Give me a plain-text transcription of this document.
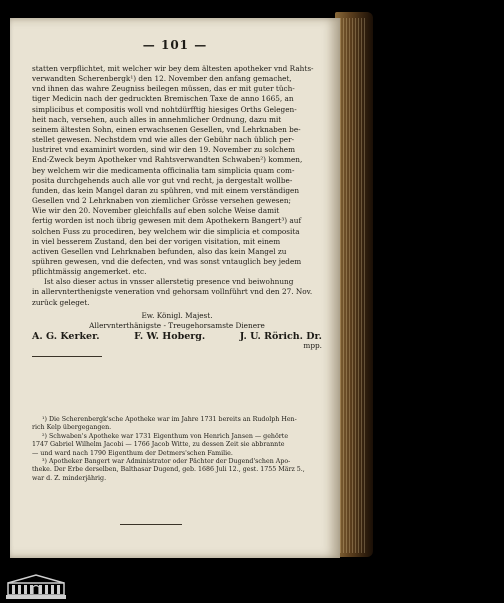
— 101 —
statten verpflichtet, mit welcher wir bey dem ältesten apotheker vnd Rahts-
verwandten Scherenbergk¹) den 12. November den anfang gemachet,
vnd ihnen das wahre Zeugniss beilegen müssen, das er mit guter tüch-
tiger Medicin nach der gedruckten Bremischen Taxe de anno 1665, an
simplicibus et compositis woll vnd nohtdürfftig hiesiges Orths Gelegen-
heit nach, versehen, auch alles in annehmlicher Ordnung, dazu mit
seinem ältesten Sohn, einen erwachsenen Gesellen, vnd Lehrknaben be-
stellet gewesen. Nechstdem vnd wie alles der Gebühr nach üblich per-
lustriret vnd examinirt worden, sind wir den 19. November zu solchem
End-Zweck beym Apotheker vnd Rahtsverwandten Schwaben²) kommen,
bey welchem wir die medicamenta officinalia tam simplicia quam com-
posita durchgehends auch alle vor gut vnd recht, ja dergestalt wollbe-
funden, das kein Mangel daran zu spühren, vnd mit einem verständigen
Gesellen vnd 2 Lehrknaben von ziemlicher Grösse versehen gewesen;
Wie wir den 20. November gleichfalls auf eben solche Weise damit
fertig worden ist noch übrig gewesen mit dem Apothekern Bangert³) auf
solchen Fuss zu procediren, bey welchem wir die simplicia et composita
in viel besserem Zustand, den bei der vorigen visitation, mit einem
activen Gesellen vnd Lehrknaben befunden, also das kein Mangel zu
spühren gewesen, vnd die defecten, vnd was sonst vntauglich bey jedem
pflichtmässig angemerket. etc.
Ist also dieser actus in vnsser allerstetig presence vnd beiwohnung
in allervnterthenigste veneration vnd gehorsam vollnführt vnd den 27. Nov.
zurück geleget.
Ew. Königl. Majest.
Allervnterthänigste - Treugehorsamste Dienere
A. G. Kerker.	F. W. Hoberg.	J. U. Rörich. Dr.
mpp.
¹) Die Scherenbergk'sche Apotheke war im Jahre 1731 bereits an Rudolph Hen-
rich Kelp übergegangen.
²) Schwaben's Apotheke war 1731 Eigenthum von Henrich Jansen — gehörte
1747 Gabriel Wilhelm Jacobi — 1766 Jacob Witte, zu dessen Zeit sie abbrannte
— und ward nach 1790 Eigenthum der Detmers'schen Familie.
³) Apotheker Bangert war Administrator oder Pächter der Dugend'schen Apo-
theke. Der Erbe derselben, Balthasar Dugend, geb. 1686 Juli 12., gest. 1755 März 5.,
war d. Z. minderjährig.
